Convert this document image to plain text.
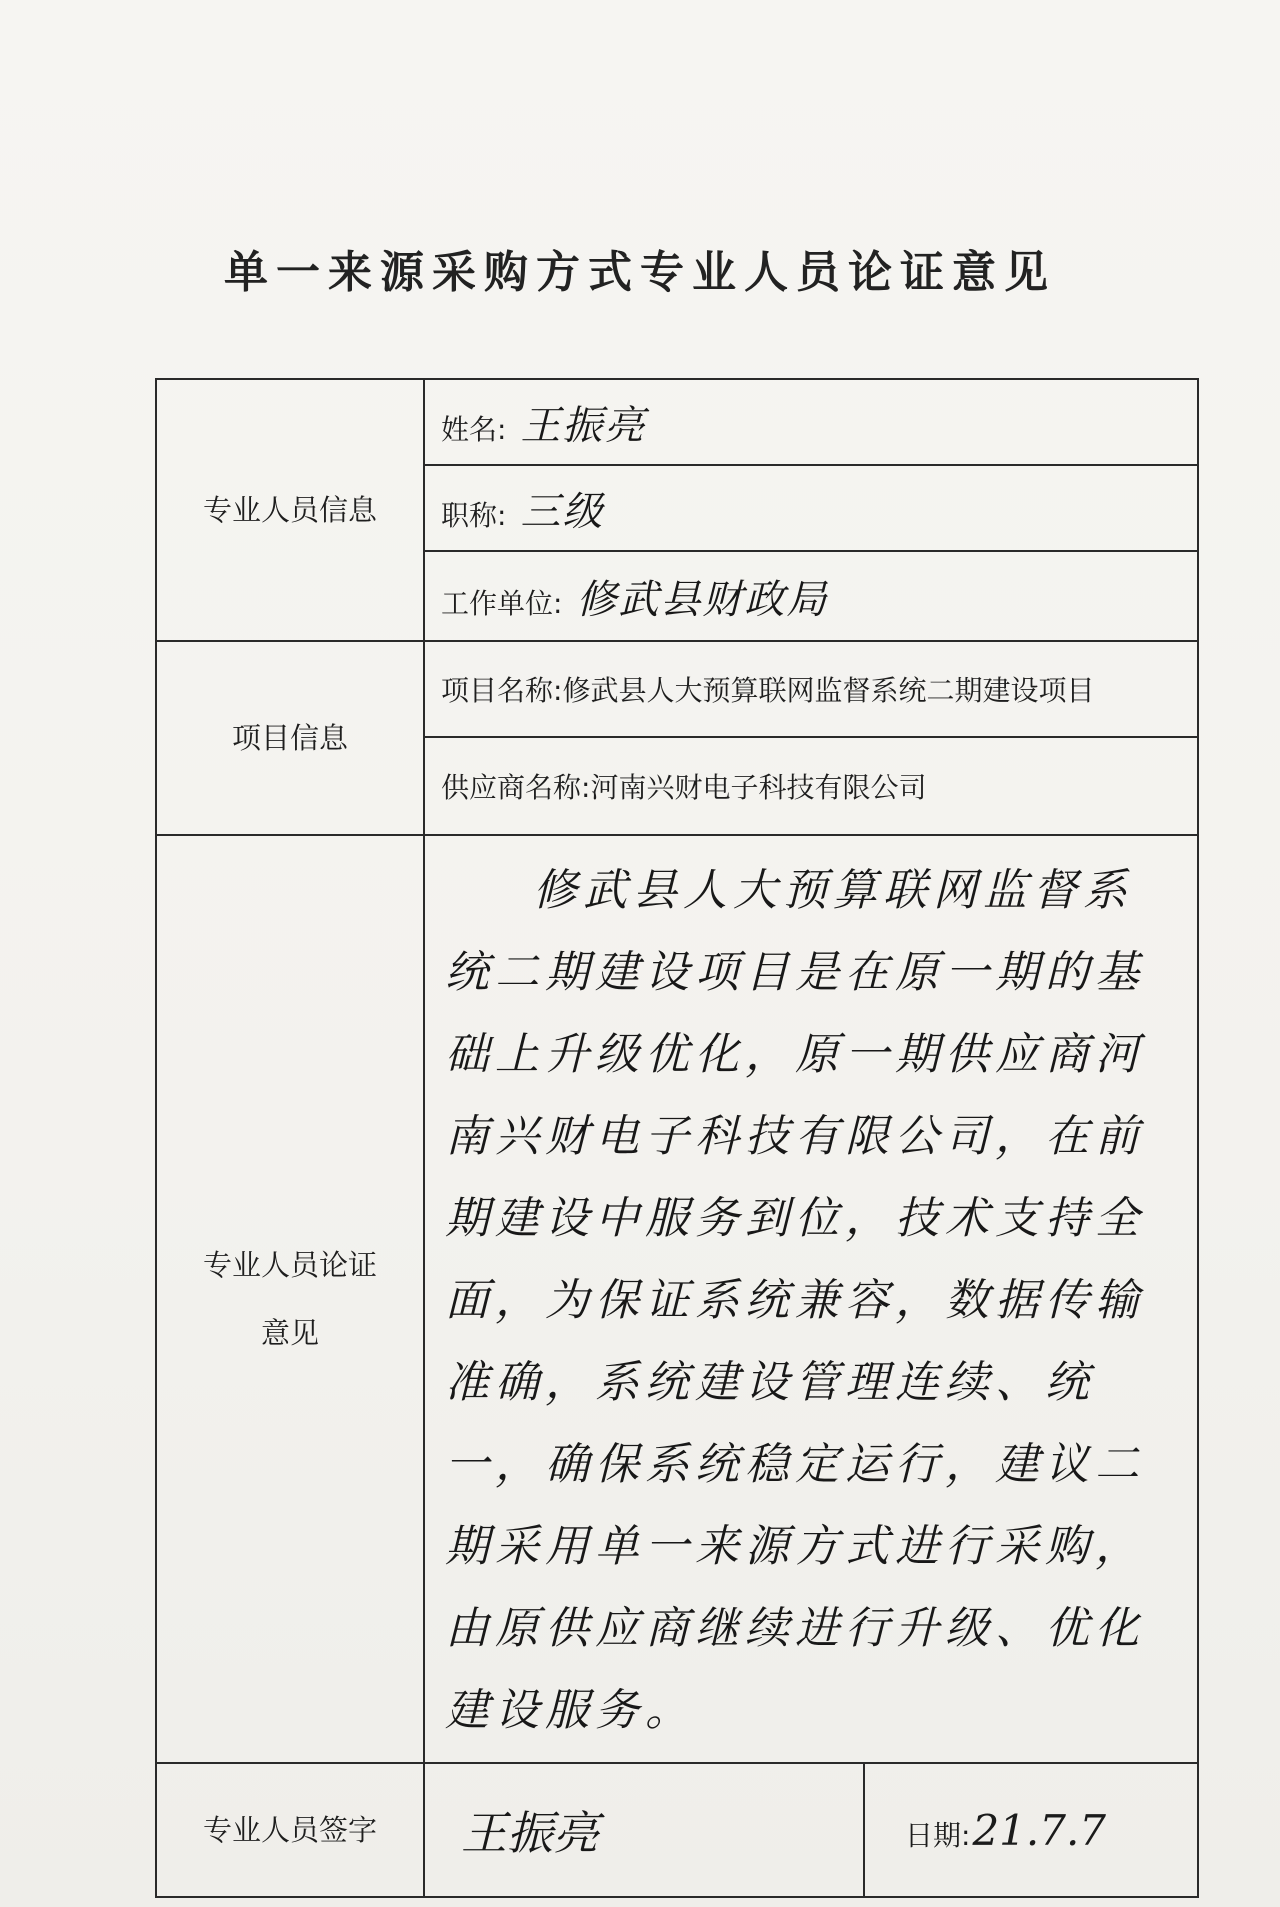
单一来源采购方式专业人员论证意见
专业人员信息	姓名: 王振亮	
	职称: 三级	
	工作单位: 修武县财政局	
项目信息	项目名称:修武县人大预算联网监督系统二期建设项目	
	供应商名称:河南兴财电子科技有限公司	

专业人员论证
意见	修武县人大预算联网监督系统二期建设项目是在原一期的基础上升级优化，原一期供应商河南兴财电子科技有限公司，在前期建设中服务到位，技术支持全面，为保证系统兼容，数据传输准确，系统建设管理连续、统一，确保系统稳定运行，建议二期采用单一来源方式进行采购，由原供应商继续进行升级、优化建设服务。	

专业人员签字	王振亮	日期:21.7.7
